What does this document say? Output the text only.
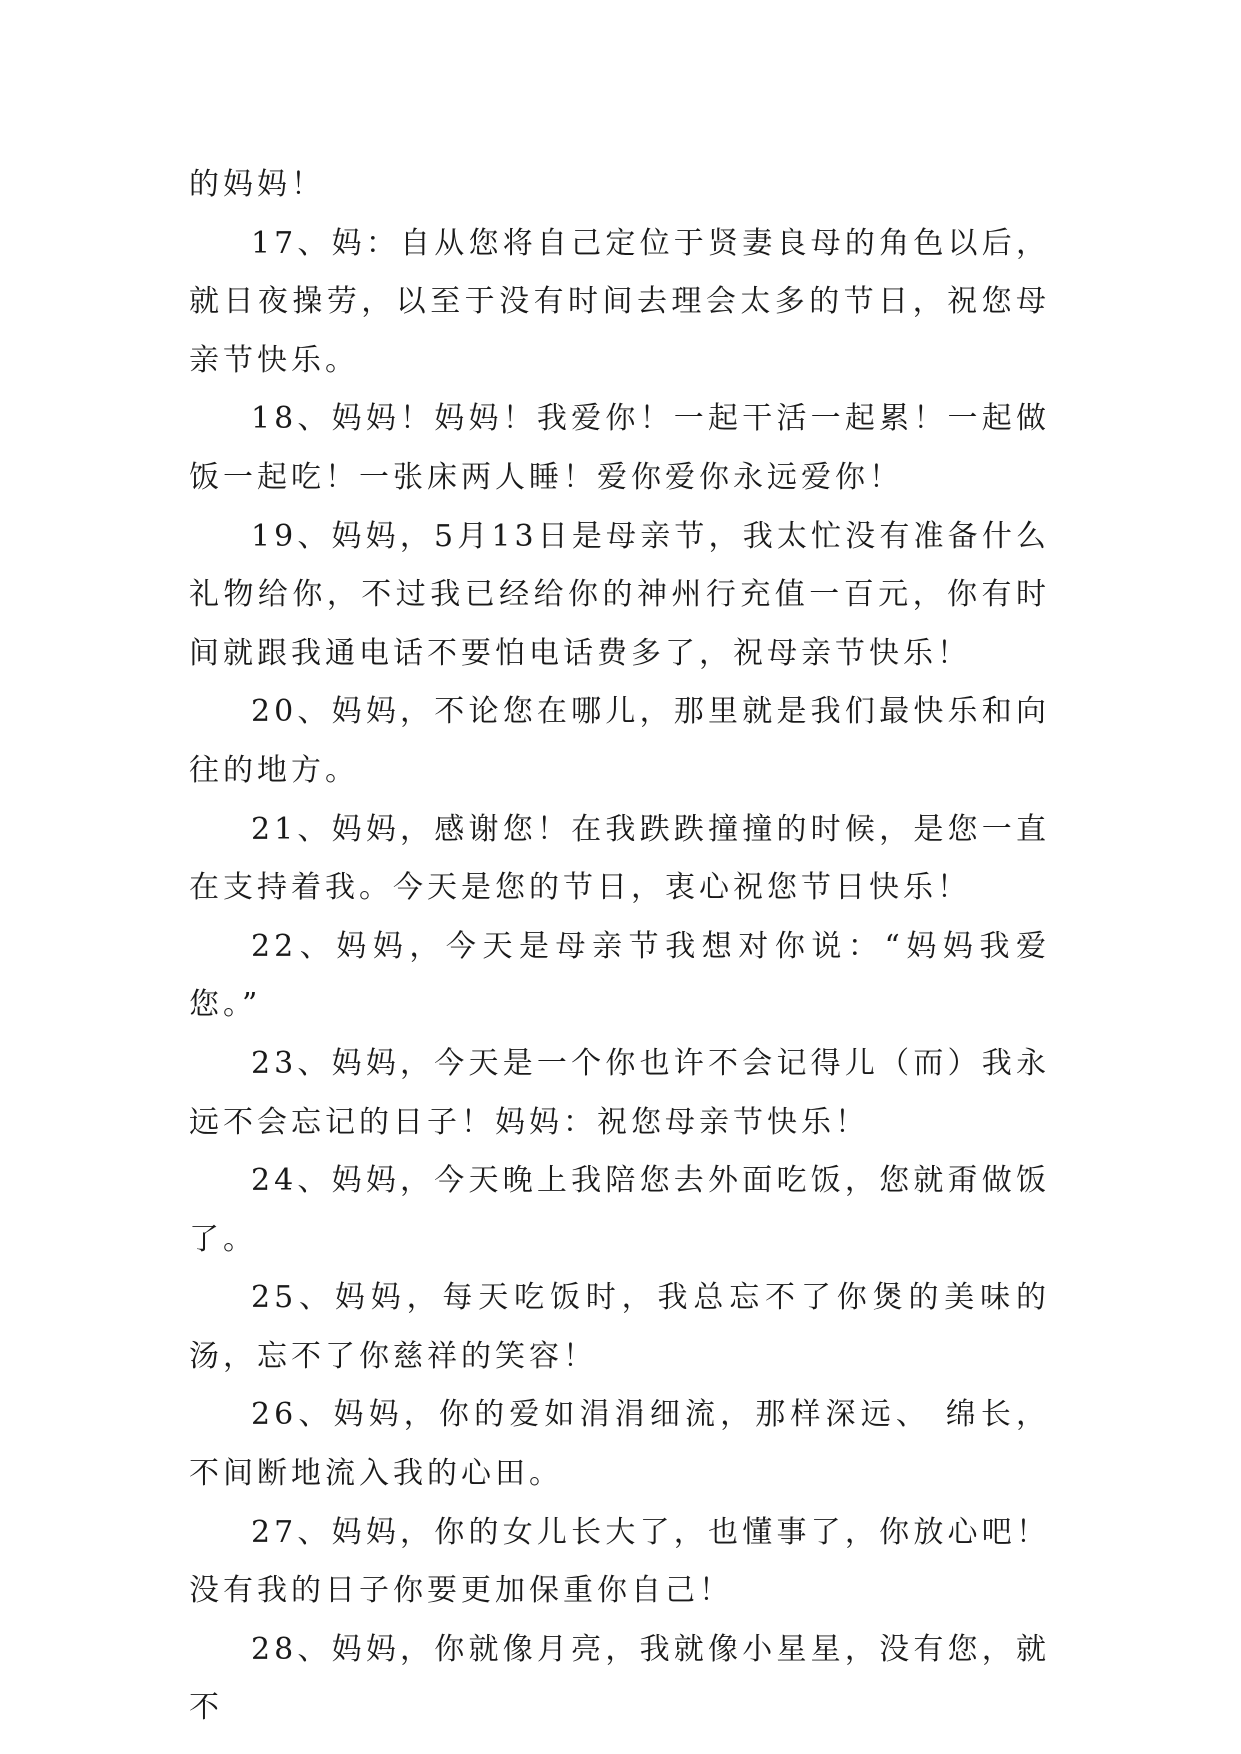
的妈妈！

17、妈：自从您将自己定位于贤妻良母的角色以后，就日夜操劳，以至于没有时间去理会太多的节日，祝您母亲节快乐。

18、妈妈！妈妈！我爱你！一起干活一起累！一起做饭一起吃！一张床两人睡！爱你爱你永远爱你！

19、妈妈，5月13日是母亲节，我太忙没有准备什么礼物给你，不过我已经给你的神州行充值一百元，你有时间就跟我通电话不要怕电话费多了，祝母亲节快乐！

20、妈妈，不论您在哪儿，那里就是我们最快乐和向往的地方。

21、妈妈，感谢您！在我跌跌撞撞的时候，是您一直在支持着我。今天是您的节日，衷心祝您节日快乐！

22、妈妈，今天是母亲节我想对你说：“妈妈我爱您。”

23、妈妈，今天是一个你也许不会记得儿（而）我永远不会忘记的日子！妈妈：祝您母亲节快乐！

24、妈妈，今天晚上我陪您去外面吃饭，您就甭做饭了。

25、妈妈，每天吃饭时，我总忘不了你煲的美味的汤，忘不了你慈祥的笑容！

26、妈妈，你的爱如涓涓细流，那样深远、 绵长，不间断地流入我的心田。

27、妈妈，你的女儿长大了，也懂事了，你放心吧！没有我的日子你要更加保重你自己！

28、妈妈，你就像月亮，我就像小星星，没有您，就不
